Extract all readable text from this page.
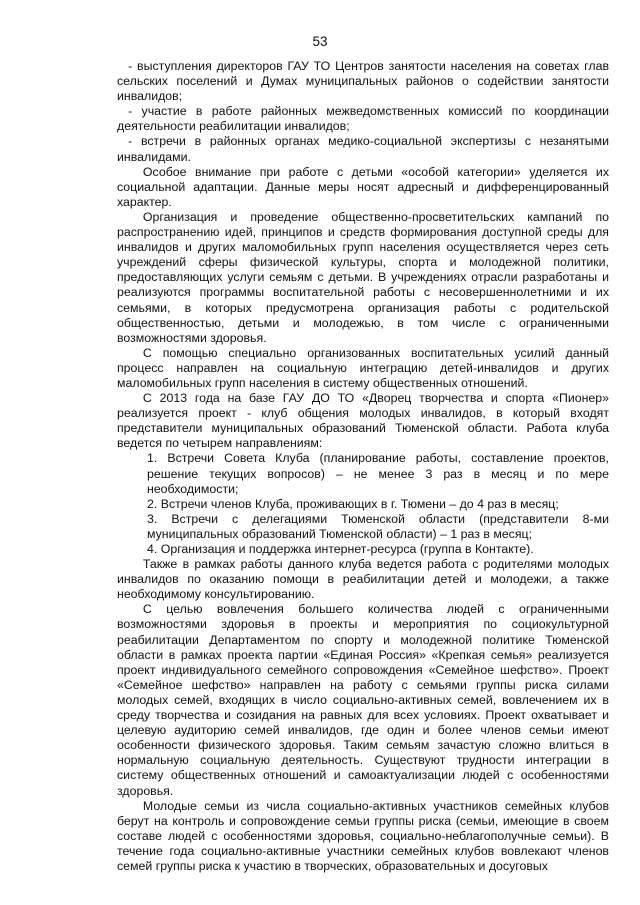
53

- выступления директоров ГАУ ТО Центров занятости населения на советах глав сельских поселений и Думах муниципальных районов о содействии занятости инвалидов;

- участие в работе районных межведомственных комиссий по координации деятельности реабилитации инвалидов;

- встречи в районных органах медико-социальной экспертизы с незанятыми инвалидами.

Особое внимание при работе с детьми «особой категории» уделяется их социальной адаптации. Данные меры носят адресный и дифференцированный характер.

Организация и проведение общественно-просветительских кампаний по распространению идей, принципов и средств формирования доступной среды для инвалидов и других маломобильных групп населения осуществляется через сеть учреждений сферы физической культуры, спорта и молодежной политики, предоставляющих услуги семьям с детьми. В учреждениях отрасли разработаны и реализуются программы воспитательной работы с несовершеннолетними и их семьями, в которых предусмотрена организация работы с родительской общественностью, детьми и молодежью, в том числе с ограниченными возможностями здоровья.

С помощью специально организованных воспитательных усилий данный процесс направлен на социальную интеграцию детей-инвалидов и других маломобильных групп населения в систему общественных отношений.

С 2013 года на базе ГАУ ДО ТО «Дворец творчества и спорта «Пионер» реализуется проект - клуб общения молодых инвалидов, в который входят представители муниципальных образований Тюменской области. Работа клуба ведется по четырем направлениям:

1. Встречи Совета Клуба (планирование работы, составление проектов, решение текущих вопросов) – не менее 3 раз в месяц и по мере необходимости;

2. Встречи членов Клуба, проживающих в г. Тюмени – до 4 раз в месяц;

3. Встречи с делегациями Тюменской области (представители 8-ми муниципальных образований Тюменской области) – 1 раз в месяц;

4. Организация и поддержка интернет-ресурса (группа в Контакте).

Также в рамках работы данного клуба ведется работа с родителями молодых инвалидов по оказанию помощи в реабилитации детей и молодежи, а также необходимому консультированию.

С целью вовлечения большего количества людей с ограниченными возможностями здоровья в проекты и мероприятия по социокультурной реабилитации Департаментом по спорту и молодежной политике Тюменской области в рамках проекта партии «Единая Россия» «Крепкая семья» реализуется проект индивидуального семейного сопровождения «Семейное шефство». Проект «Семейное шефство» направлен на работу с семьями группы риска силами молодых семей, входящих в число социально-активных семей, вовлечением их в среду творчества и созидания на равных для всех условиях. Проект охватывает и целевую аудиторию семей инвалидов, где один и более членов семьи имеют особенности физического здоровья. Таким семьям зачастую сложно влиться в нормальную социальную деятельность. Существуют трудности интеграции в систему общественных отношений и самоактуализации людей с особенностями здоровья.

Молодые семьи из числа социально-активных участников семейных клубов берут на контроль и сопровождение семьи группы риска (семьи, имеющие в своем составе людей с особенностями здоровья, социально-неблагополучные семьи). В течение года социально-активные участники семейных клубов вовлекают членов семей группы риска к участию в творческих, образовательных и досуговых
